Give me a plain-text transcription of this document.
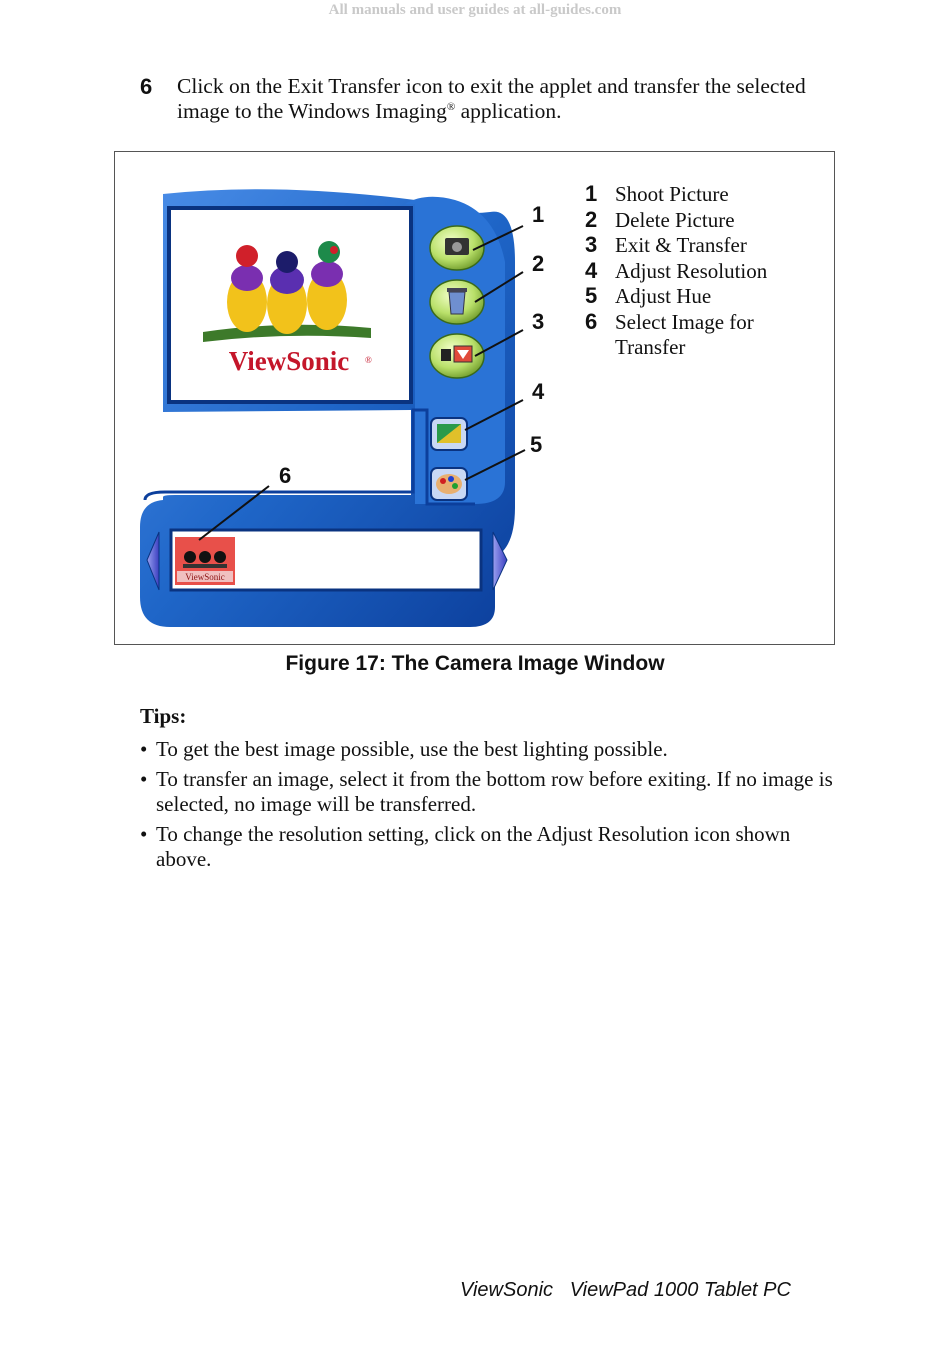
All manuals and user guides at all-guides.com
6 Click on the Exit Transfer icon to exit the applet and transfer the selected image to the Windows Imaging® application.
ViewSonic ®
ViewSonic
1
2
3
4
5
6
1 Shoot Picture
2 Delete Picture
3 Exit & Transfer
4 Adjust Resolution
5 Adjust Hue
6 Select Image for
Transfer
Figure 17: The Camera Image Window
Tips:
• To get the best image possible, use the best lighting possible.
• To transfer an image, select it from the bottom row before exiting. If no image is selected, no image will be transferred.
• To change the resolution setting, click on the Adjust Resolution icon shown above.
ViewSonic   ViewPad 1000 Tablet PC
